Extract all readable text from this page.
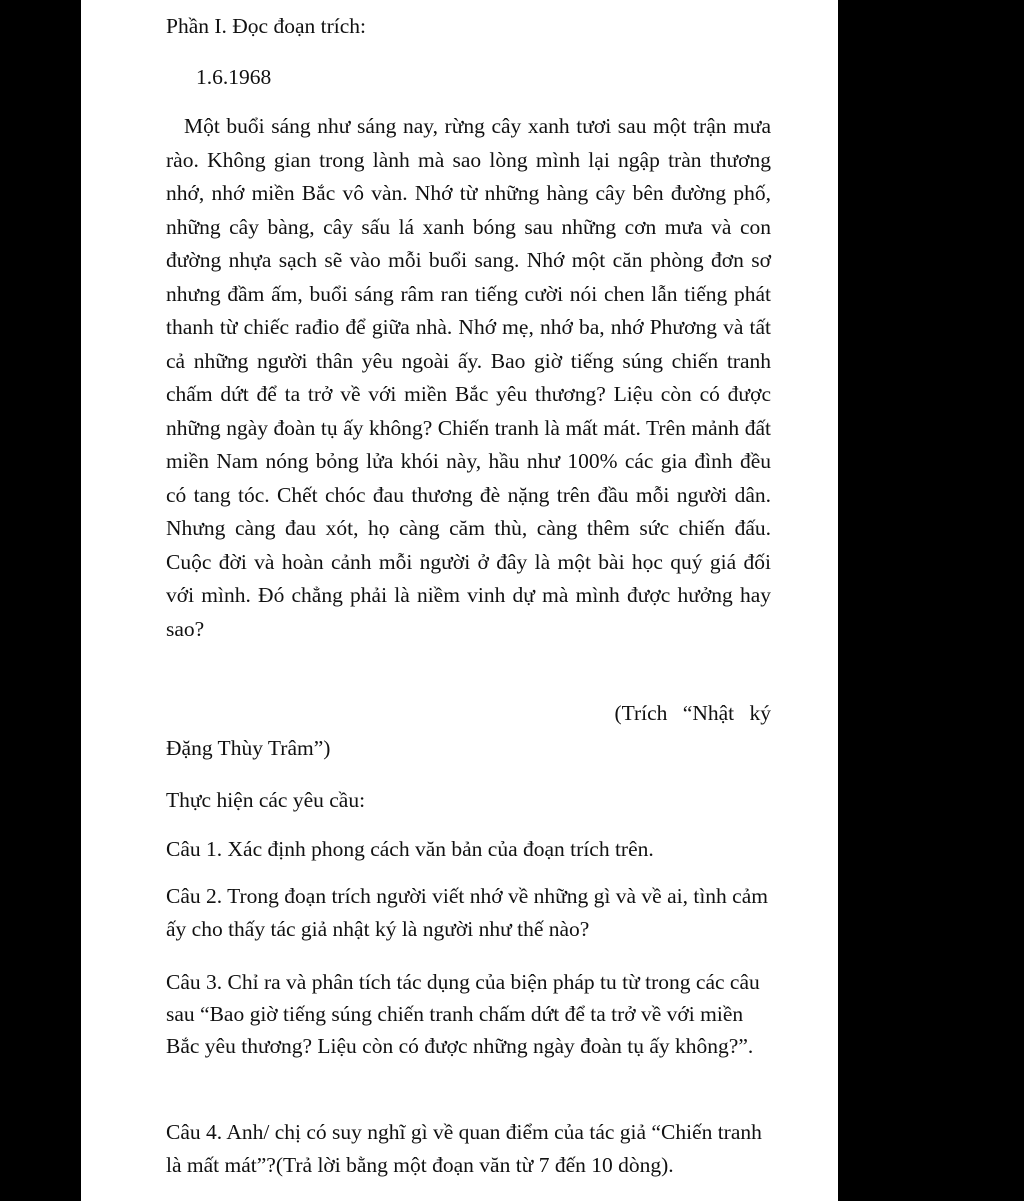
Phần I. Đọc đoạn trích:

1.6.1968

Một buổi sáng như sáng nay, rừng cây xanh tươi sau một trận mưa rào. Không gian trong lành mà sao lòng mình lại ngập tràn thương nhớ, nhớ miền Bắc vô vàn. Nhớ từ những hàng cây bên đường phố, những cây bàng, cây sấu lá xanh bóng sau những cơn mưa và con đường nhựa sạch sẽ vào mỗi buổi sang. Nhớ một căn phòng đơn sơ nhưng đầm ấm, buổi sáng râm ran tiếng cười nói chen lẫn tiếng phát thanh từ chiếc rađio để giữa nhà. Nhớ mẹ, nhớ ba, nhớ Phương và tất cả những người thân yêu ngoài ấy. Bao giờ tiếng súng chiến tranh chấm dứt để ta trở về với miền Bắc yêu thương? Liệu còn có được những ngày đoàn tụ ấy không? Chiến tranh là mất mát. Trên mảnh đất miền Nam nóng bỏng lửa khói này, hầu như 100% các gia đình đều có tang tóc. Chết chóc đau thương đè nặng trên đầu mỗi người dân. Nhưng càng đau xót, họ càng căm thù, càng thêm sức chiến đấu. Cuộc đời và hoàn cảnh mỗi người ở đây là một bài học quý giá đối với mình. Đó chẳng phải là niềm vinh dự mà mình được hưởng hay sao?

(Trích “Nhật ký

Đặng Thùy Trâm”)

Thực hiện các yêu cầu:

Câu 1. Xác định phong cách văn bản của đoạn trích trên.

Câu 2. Trong đoạn trích người viết nhớ về những gì và về ai, tình cảm ấy cho thấy tác giả nhật ký là người như thế nào?

Câu 3. Chỉ ra và phân tích tác dụng của biện pháp tu từ trong các câu sau “Bao giờ tiếng súng chiến tranh chấm dứt để ta trở về với miền Bắc yêu thương? Liệu còn có được những ngày đoàn tụ ấy không?”.

Câu 4. Anh/ chị có suy nghĩ gì về quan điểm của tác giả “Chiến tranh là mất mát”?(Trả lời bằng một đoạn văn từ 7 đến 10 dòng).
